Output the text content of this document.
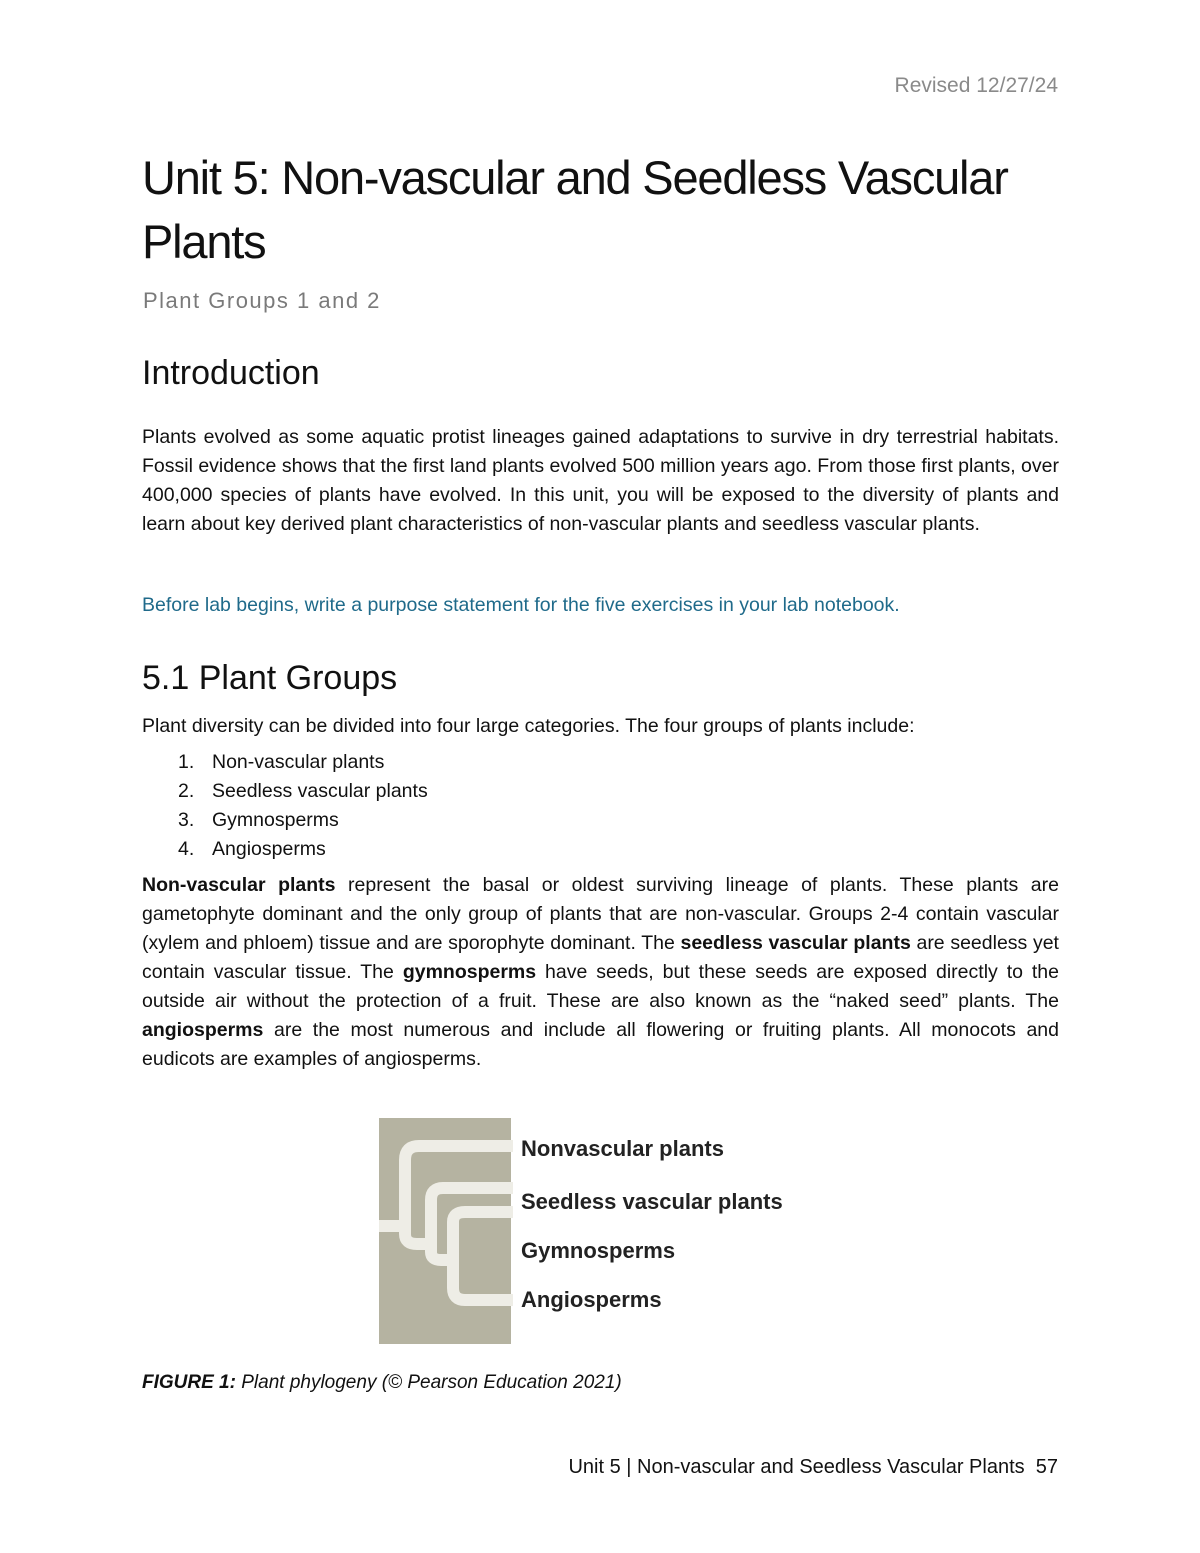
Revised 12/27/24
Unit 5: Non-vascular and Seedless Vascular Plants
Plant Groups 1 and 2
Introduction

Plants evolved as some aquatic protist lineages gained adaptations to survive in dry terrestrial habitats. Fossil evidence shows that the first land plants evolved 500 million years ago. From those first plants, over 400,000 species of plants have evolved. In this unit, you will be exposed to the diversity of plants and learn about key derived plant characteristics of non-vascular plants and seedless vascular plants.

Before lab begins, write a purpose statement for the five exercises in your lab notebook.

5.1 Plant Groups

Plant diversity can be divided into four large categories. The four groups of plants include:

1. Non-vascular plants
2. Seedless vascular plants
3. Gymnosperms
4. Angiosperms

Non-vascular plants represent the basal or oldest surviving lineage of plants. These plants are gametophyte dominant and the only group of plants that are non-vascular. Groups 2-4 contain vascular (xylem and phloem) tissue and are sporophyte dominant. The seedless vascular plants are seedless yet contain vascular tissue. The gymnosperms have seeds, but these seeds are exposed directly to the outside air without the protection of a fruit. These are also known as the “naked seed” plants. The angiosperms are the most numerous and include all flowering or fruiting plants. All monocots and eudicots are examples of angiosperms.

Nonvascular plants
Seedless vascular plants
Gymnosperms
Angiosperms
FIGURE 1: Plant phylogeny (© Pearson Education 2021)
Unit 5 | Non-vascular and Seedless Vascular Plants  57
